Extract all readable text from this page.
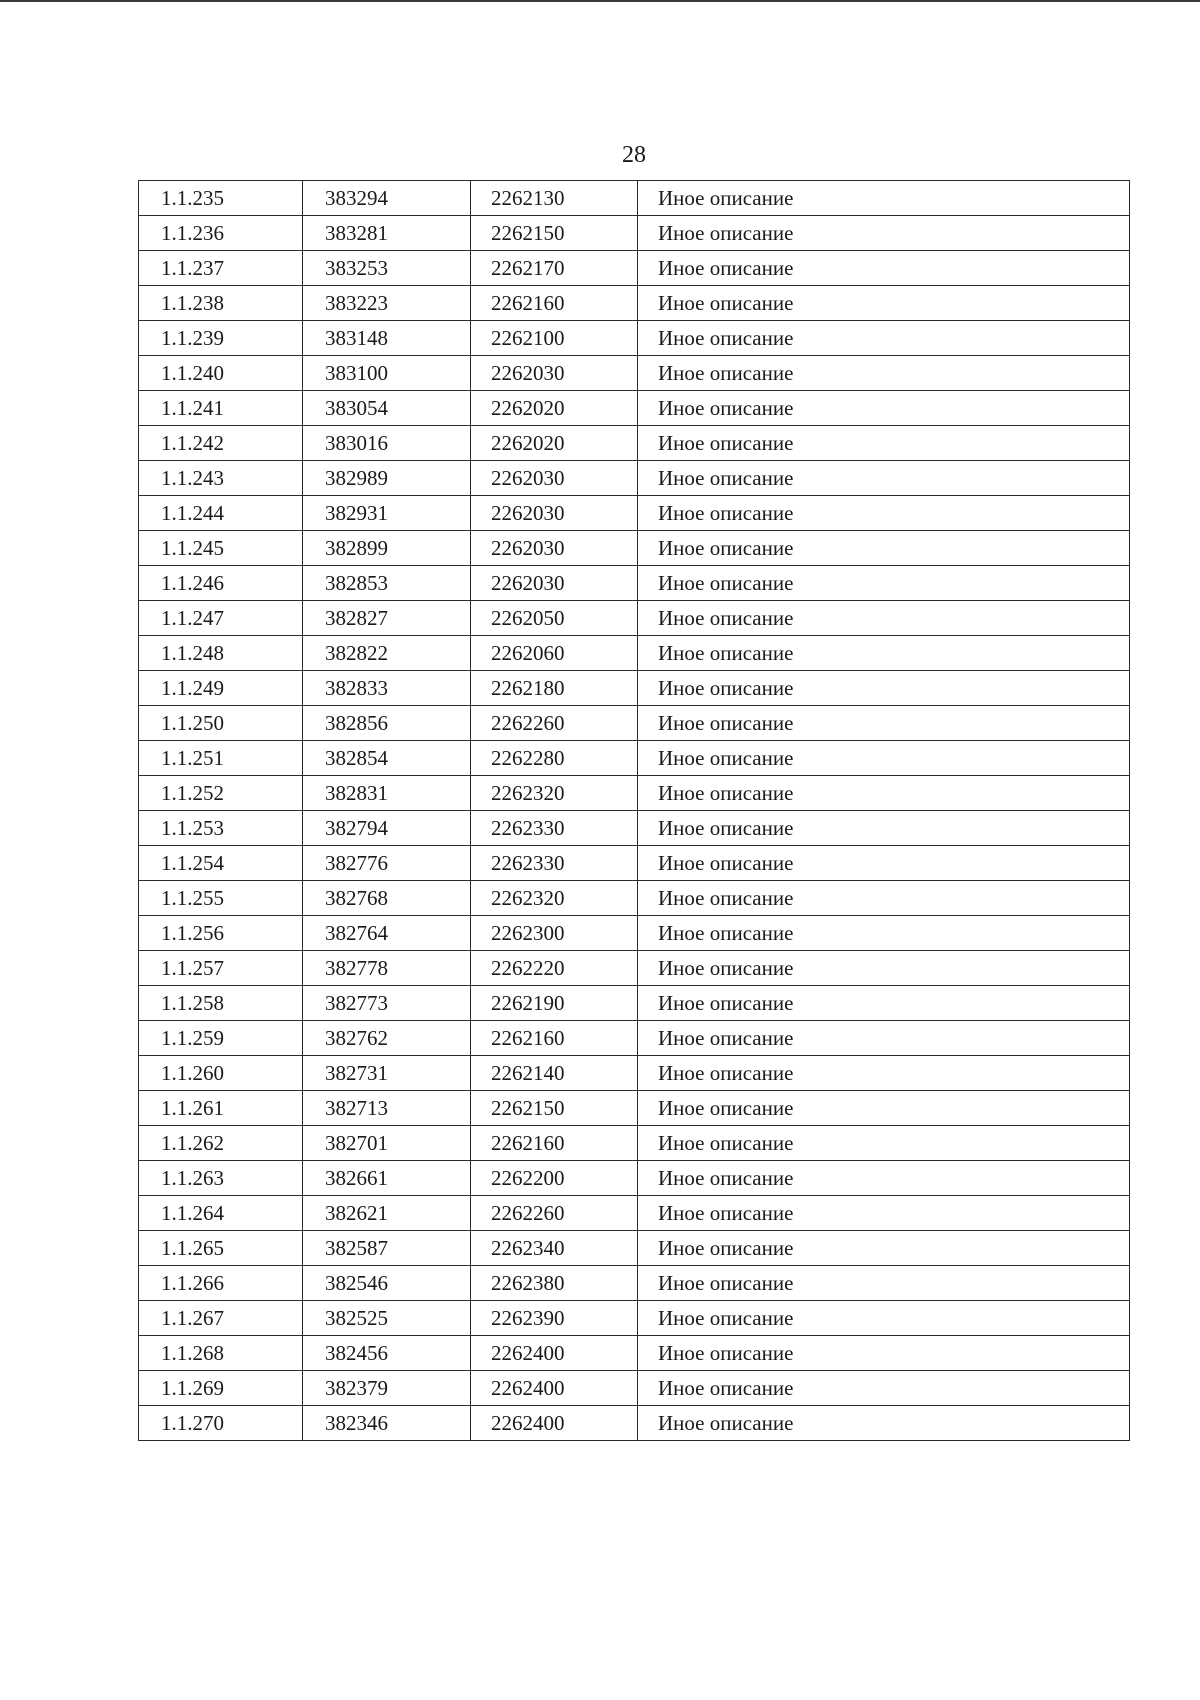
28
1.1.235	383294	2262130	Иное описание
1.1.236	383281	2262150	Иное описание
1.1.237	383253	2262170	Иное описание
1.1.238	383223	2262160	Иное описание
1.1.239	383148	2262100	Иное описание
1.1.240	383100	2262030	Иное описание
1.1.241	383054	2262020	Иное описание
1.1.242	383016	2262020	Иное описание
1.1.243	382989	2262030	Иное описание
1.1.244	382931	2262030	Иное описание
1.1.245	382899	2262030	Иное описание
1.1.246	382853	2262030	Иное описание
1.1.247	382827	2262050	Иное описание
1.1.248	382822	2262060	Иное описание
1.1.249	382833	2262180	Иное описание
1.1.250	382856	2262260	Иное описание
1.1.251	382854	2262280	Иное описание
1.1.252	382831	2262320	Иное описание
1.1.253	382794	2262330	Иное описание
1.1.254	382776	2262330	Иное описание
1.1.255	382768	2262320	Иное описание
1.1.256	382764	2262300	Иное описание
1.1.257	382778	2262220	Иное описание
1.1.258	382773	2262190	Иное описание
1.1.259	382762	2262160	Иное описание
1.1.260	382731	2262140	Иное описание
1.1.261	382713	2262150	Иное описание
1.1.262	382701	2262160	Иное описание
1.1.263	382661	2262200	Иное описание
1.1.264	382621	2262260	Иное описание
1.1.265	382587	2262340	Иное описание
1.1.266	382546	2262380	Иное описание
1.1.267	382525	2262390	Иное описание
1.1.268	382456	2262400	Иное описание
1.1.269	382379	2262400	Иное описание
1.1.270	382346	2262400	Иное описание
